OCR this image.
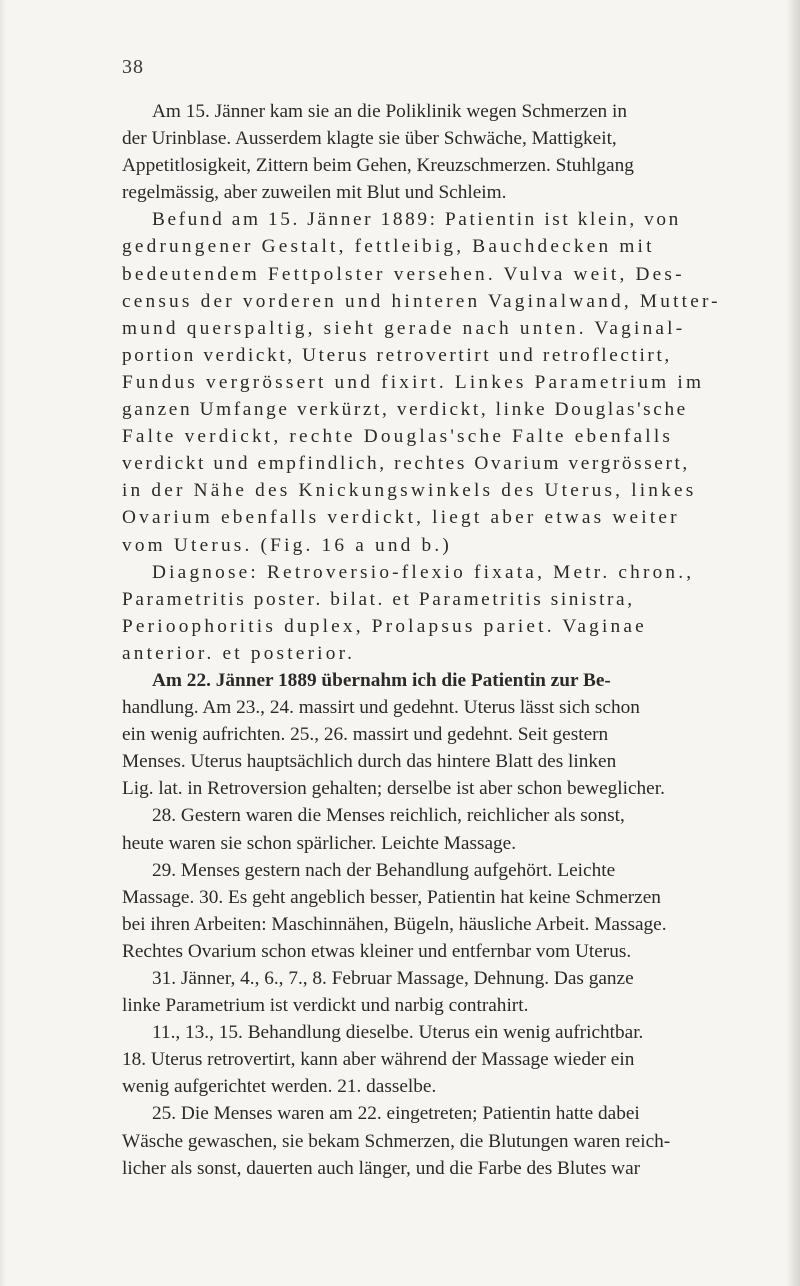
38
Am 15. Jänner kam sie an die Poliklinik wegen Schmerzen in
der Urinblase. Ausserdem klagte sie über Schwäche, Mattigkeit,
Appetitlosigkeit, Zittern beim Gehen, Kreuzschmerzen. Stuhlgang
regelmässig, aber zuweilen mit Blut und Schleim.
Befund am 15. Jänner 1889: Patientin ist klein, von
gedrungener Gestalt, fettleibig, Bauchdecken mit
bedeutendem Fettpolster versehen. Vulva weit, Des-
census der vorderen und hinteren Vaginalwand, Mutter-
mund querspaltig, sieht gerade nach unten. Vaginal-
portion verdickt, Uterus retrovertirt und retroflectirt,
Fundus vergrössert und fixirt. Linkes Parametrium im
ganzen Umfange verkürzt, verdickt, linke Douglas'sche
Falte verdickt, rechte Douglas'sche Falte ebenfalls
verdickt und empfindlich, rechtes Ovarium vergrössert,
in der Nähe des Knickungswinkels des Uterus, linkes
Ovarium ebenfalls verdickt, liegt aber etwas weiter
vom Uterus. (Fig. 16 a und b.)
Diagnose: Retroversio-flexio fixata, Metr. chron.,
Parametritis poster. bilat. et Parametritis sinistra,
Perioophoritis duplex, Prolapsus pariet. Vaginae
anterior. et posterior.
Am 22. Jänner 1889 übernahm ich die Patientin zur Be-
handlung. Am 23., 24. massirt und gedehnt. Uterus lässt sich schon
ein wenig aufrichten. 25., 26. massirt und gedehnt. Seit gestern
Menses. Uterus hauptsächlich durch das hintere Blatt des linken
Lig. lat. in Retroversion gehalten; derselbe ist aber schon beweglicher.
28. Gestern waren die Menses reichlich, reichlicher als sonst,
heute waren sie schon spärlicher. Leichte Massage.
29. Menses gestern nach der Behandlung aufgehört. Leichte
Massage. 30. Es geht angeblich besser, Patientin hat keine Schmerzen
bei ihren Arbeiten: Maschinnähen, Bügeln, häusliche Arbeit. Massage.
Rechtes Ovarium schon etwas kleiner und entfernbar vom Uterus.
31. Jänner, 4., 6., 7., 8. Februar Massage, Dehnung. Das ganze
linke Parametrium ist verdickt und narbig contrahirt.
11., 13., 15. Behandlung dieselbe. Uterus ein wenig aufrichtbar.
18. Uterus retrovertirt, kann aber während der Massage wieder ein
wenig aufgerichtet werden. 21. dasselbe.
25. Die Menses waren am 22. eingetreten; Patientin hatte dabei
Wäsche gewaschen, sie bekam Schmerzen, die Blutungen waren reich-
licher als sonst, dauerten auch länger, und die Farbe des Blutes war
